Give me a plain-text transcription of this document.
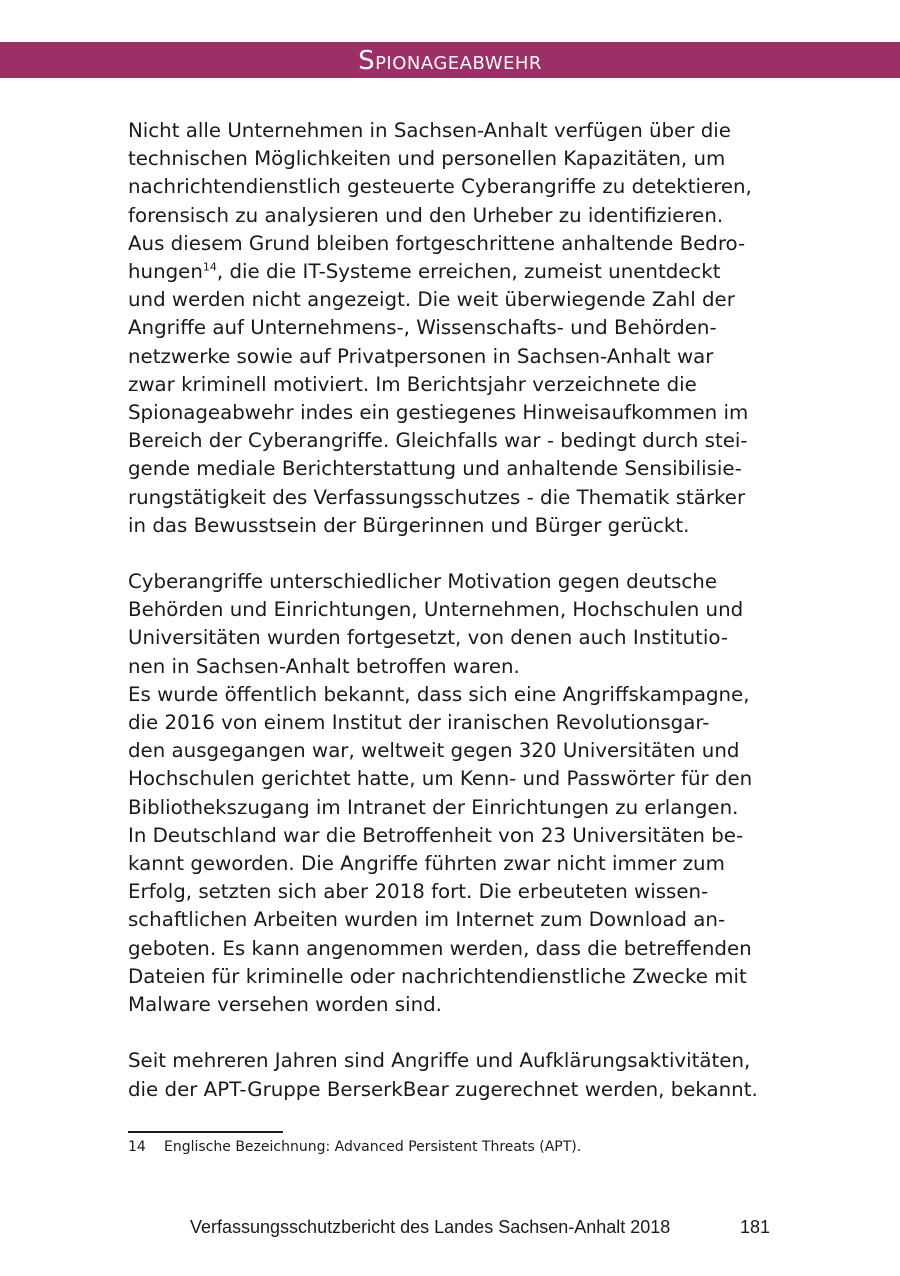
Spionageabwehr

Nicht alle Unternehmen in Sachsen-Anhalt verfügen über die
technischen Möglichkeiten und personellen Kapazitäten, um
nachrichtendienstlich gesteuerte Cyberangriffe zu detektieren,
forensisch zu analysieren und den Urheber zu identifizieren.
Aus diesem Grund bleiben fortgeschrittene anhaltende Bedro-
hungen$^{14}$, die die IT-Systeme erreichen, zumeist unentdeckt
und werden nicht angezeigt. Die weit überwiegende Zahl der
Angriffe auf Unternehmens-, Wissenschafts- und Behörden-
netzwerke sowie auf Privatpersonen in Sachsen-Anhalt war
zwar kriminell motiviert. Im Berichtsjahr verzeichnete die
Spionageabwehr indes ein gestiegenes Hinweisaufkommen im
Bereich der Cyberangriffe. Gleichfalls war - bedingt durch stei-
gende mediale Berichterstattung und anhaltende Sensibilisie-
rungstätigkeit des Verfassungsschutzes - die Thematik stärker
in das Bewusstsein der Bürgerinnen und Bürger gerückt.

Cyberangriffe unterschiedlicher Motivation gegen deutsche
Behörden und Einrichtungen, Unternehmen, Hochschulen und
Universitäten wurden fortgesetzt, von denen auch Institutio-
nen in Sachsen-Anhalt betroffen waren.

Es wurde öffentlich bekannt, dass sich eine Angriffskampagne,
die 2016 von einem Institut der iranischen Revolutionsgar-
den ausgegangen war, weltweit gegen 320 Universitäten und
Hochschulen gerichtet hatte, um Kenn- und Passwörter für den
Bibliothekszugang im Intranet der Einrichtungen zu erlangen.
In Deutschland war die Betroffenheit von 23 Universitäten be-
kannt geworden. Die Angriffe führten zwar nicht immer zum
Erfolg, setzten sich aber 2018 fort. Die erbeuteten wissen-
schaftlichen Arbeiten wurden im Internet zum Download an-
geboten. Es kann angenommen werden, dass die betreffenden
Dateien für kriminelle oder nachrichtendienstliche Zwecke mit
Malware versehen worden sind.

Seit mehreren Jahren sind Angriffe und Aufklärungsaktivitäten,
die der APT-Gruppe BerserkBear zugerechnet werden, bekannt.

14 Englische Bezeichnung: Advanced Persistent Threats (APT).
Verfassungsschutzbericht des Landes Sachsen-Anhalt 2018	181
